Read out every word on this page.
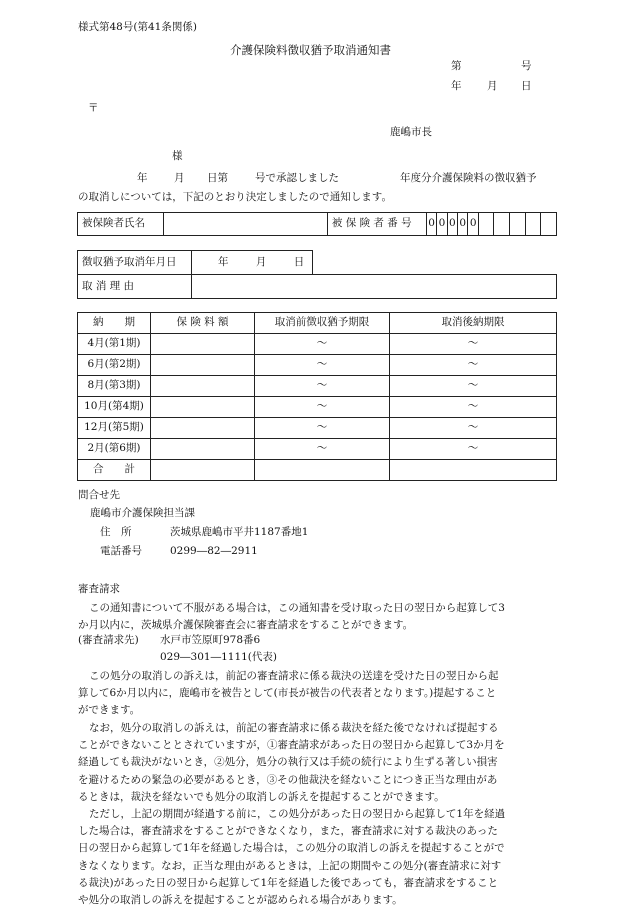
様式第48号(第41条関係)
介護保険料徴収猶予取消通知書
第	号
年 月 日
〒
鹿嶋市長
様
年	月 日第	号で承認しました	年度分介護保険料の徴収猶予
の取消しについては，下記のとおり決定しましたので通知します。
被保険者氏名		被 保 険 者 番 号	0	0	0	0	0					
徴収猶予取消年月日	年 月 日	
取 消 理 由		
納　　期	保 険 料 額	取消前徴収猶予期限	取消後納期限
4月(第1期)		～	～
6月(第2期)		～	～
8月(第3期)		～	～
10月(第4期)		～	～
12月(第5期)		～	～
2月(第6期)		～	～
合　　計			
問合せ先
鹿嶋市介護保険担当課
住　所	茨城県鹿嶋市平井1187番地1
電話番号	0299―82―2911
審査請求

この通知書について不服がある場合は，この通知書を受け取った日の翌日から起算して3

か月以内に，茨城県介護保険審査会に審査請求をすることができます。

(審査請求先) 水戸市笠原町978番6
029―301―1111(代表)

この処分の取消しの訴えは，前記の審査請求に係る裁決の送達を受けた日の翌日から起

算して6か月以内に，鹿嶋市を被告として(市長が被告の代表者となります。)提起すること

ができます。

なお，処分の取消しの訴えは，前記の審査請求に係る裁決を経た後でなければ提起する

ことができないこととされていますが，①審査請求があった日の翌日から起算して3か月を

経過しても裁決がないとき，②処分，処分の執行又は手続の続行により生ずる著しい損害

を避けるための緊急の必要があるとき，③その他裁決を経ないことにつき正当な理由があ

るときは，裁決を経ないでも処分の取消しの訴えを提起することができます。

ただし，上記の期間が経過する前に，この処分があった日の翌日から起算して1年を経過

した場合は，審査請求をすることができなくなり，また，審査請求に対する裁決のあった

日の翌日から起算して1年を経過した場合は，この処分の取消しの訴えを提起することがで

きなくなります。なお，正当な理由があるときは，上記の期間やこの処分(審査請求に対す

る裁決)があった日の翌日から起算して1年を経過した後であっても，審査請求をすること

や処分の取消しの訴えを提起することが認められる場合があります。
